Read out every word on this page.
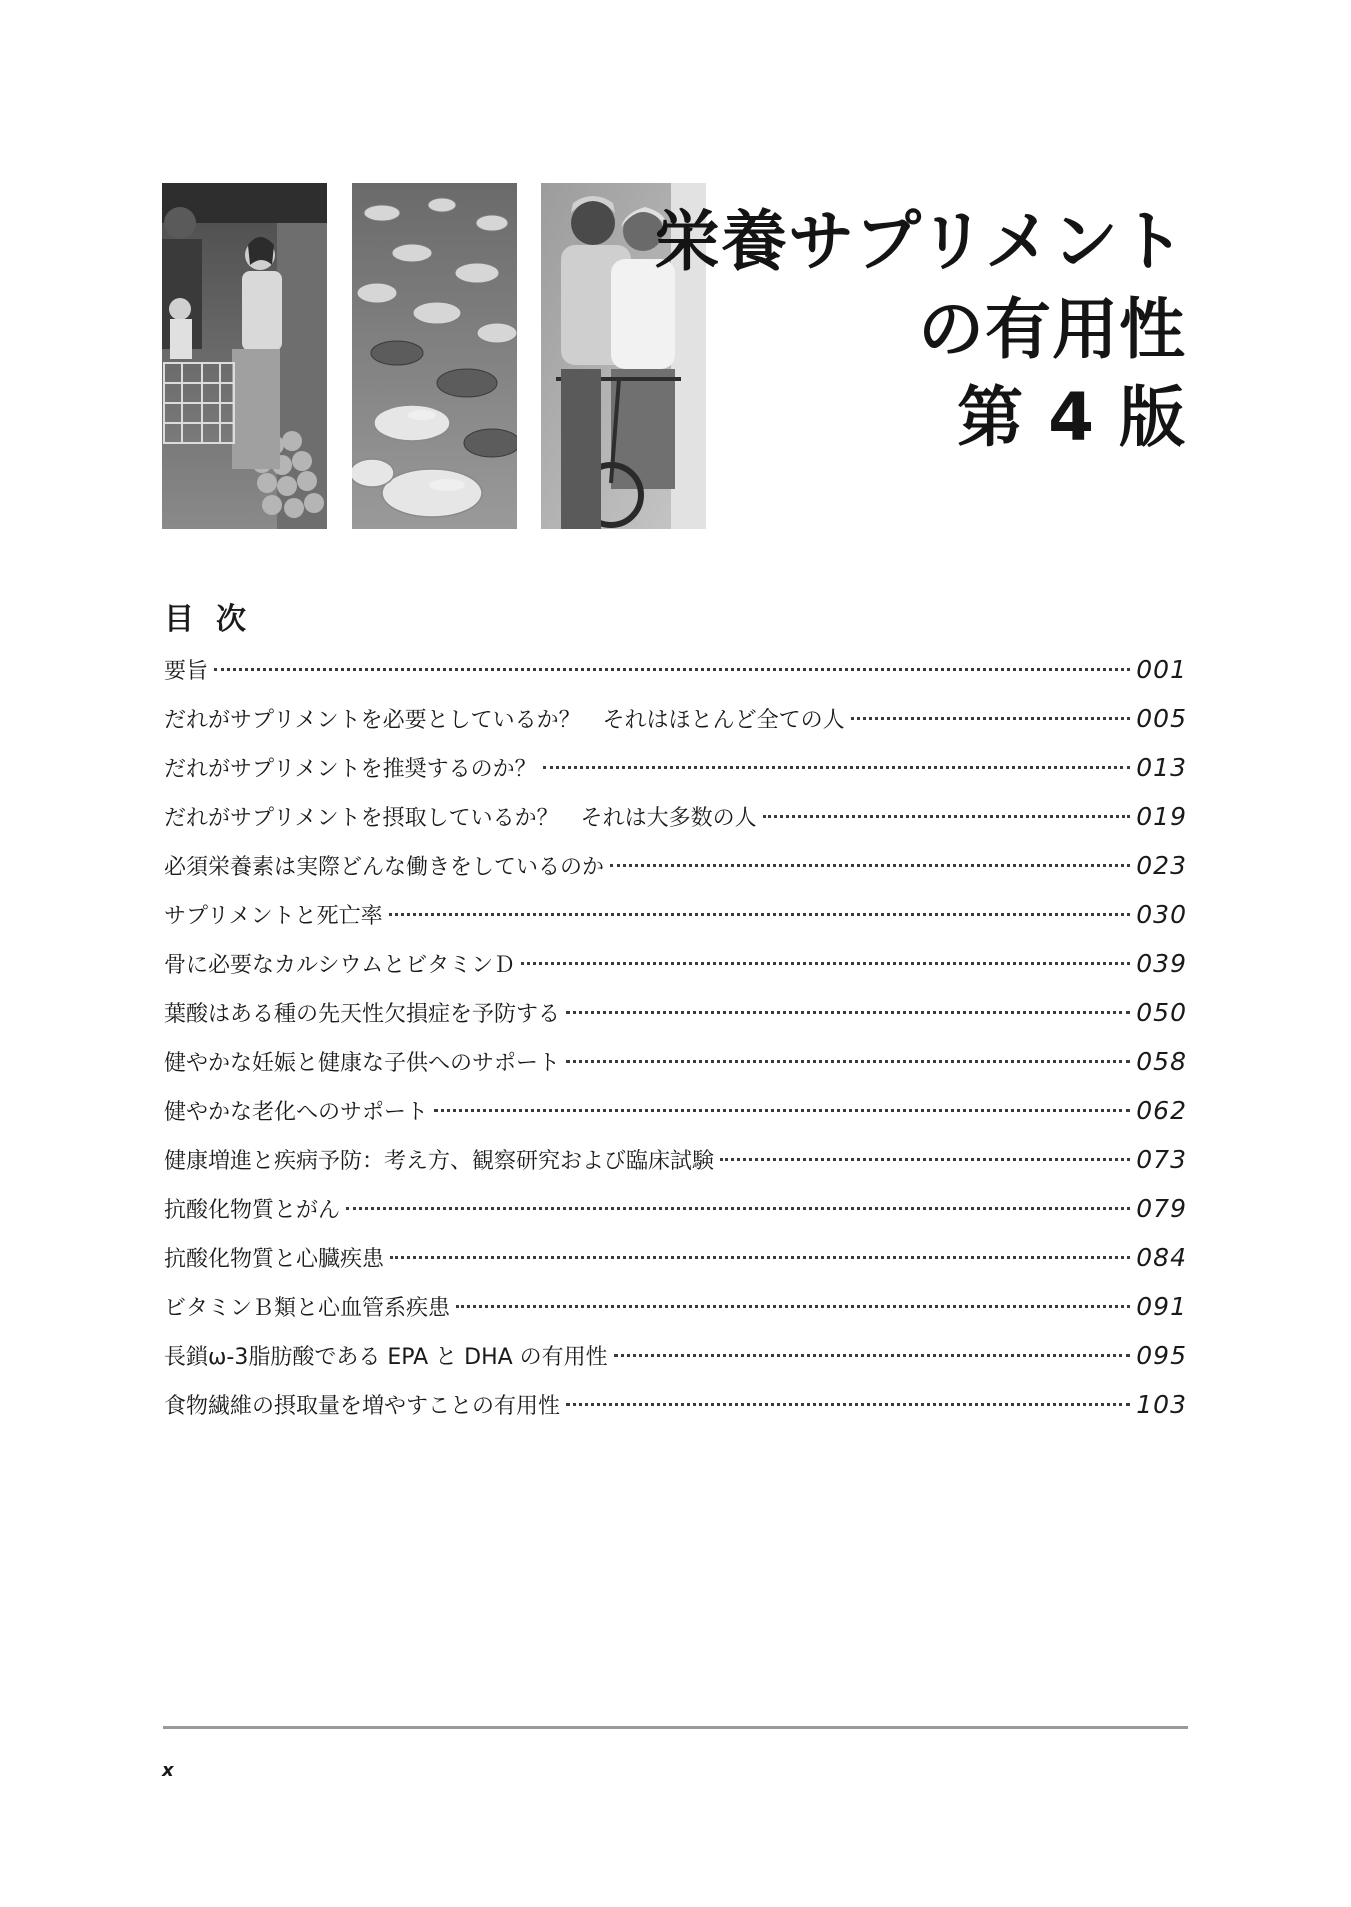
栄養サプリメント
の有用性
第 4 版
目次
要旨	001
だれがサプリメントを必要としているか？　それはほとんど全ての人	005
だれがサプリメントを推奨するのか？	013
だれがサプリメントを摂取しているか？　それは大多数の人	019
必須栄養素は実際どんな働きをしているのか	023
サプリメントと死亡率	030
骨に必要なカルシウムとビタミンＤ	039
葉酸はある種の先天性欠損症を予防する	050
健やかな妊娠と健康な子供へのサポート	058
健やかな老化へのサポート	062
健康増進と疾病予防：考え方、観察研究および臨床試験	073
抗酸化物質とがん	079
抗酸化物質と心臓疾患	084
ビタミンＢ類と心血管系疾患	091
長鎖ω-3脂肪酸である EPA と DHA の有用性	095
食物繊維の摂取量を増やすことの有用性	103
x
